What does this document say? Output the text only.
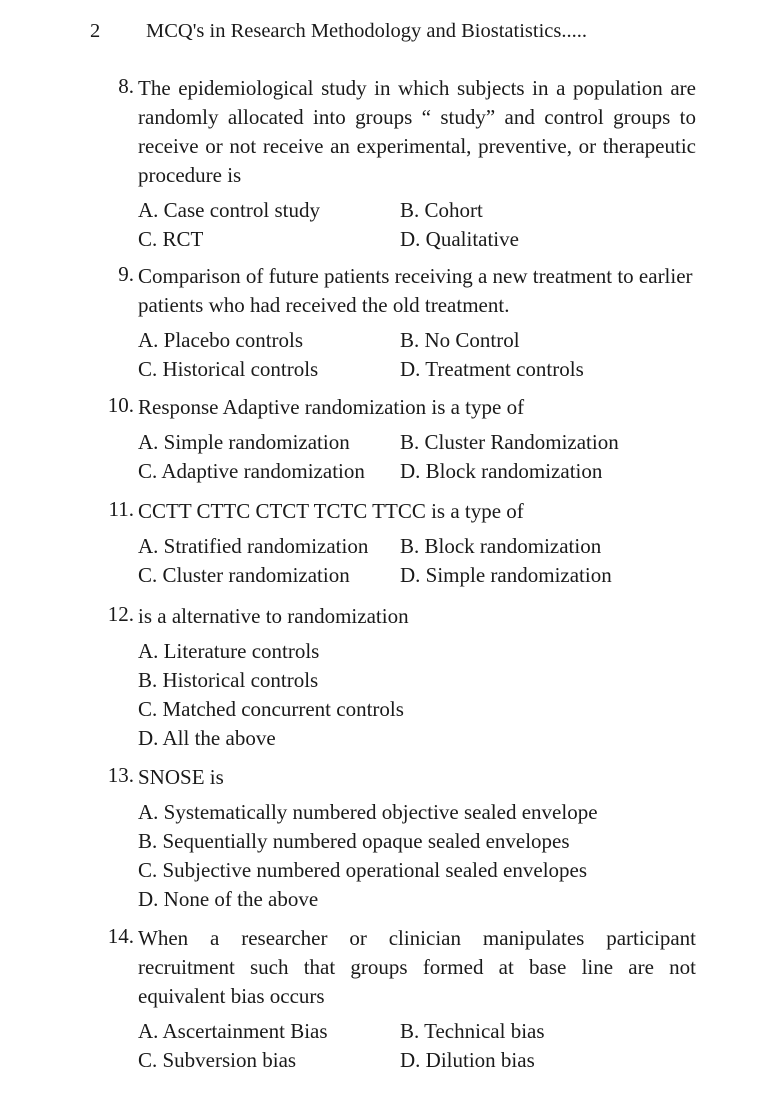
2 MCQ's in Research Methodology and Biostatistics.....
8. The epidemiological study in which subjects in a population are randomly allocated into groups “ study” and control groups to receive or not receive an experimental, preventive, or therapeutic procedure is
A. Case control study	B. Cohort
C. RCT	D. Qualitative
9. Comparison of future patients receiving a new treatment to earlier patients who had received the old treatment.
A. Placebo controls	B. No Control
C. Historical controls	D. Treatment controls
10. Response Adaptive randomization is a type of
A. Simple randomization	B. Cluster Randomization
C. Adaptive randomization	D. Block randomization
11. CCTT CTTC CTCT TCTC TTCC is a type of
A. Stratified randomization	B. Block randomization
C. Cluster randomization	D. Simple randomization
12. is a alternative to randomization
A. Literature controls
B. Historical controls
C. Matched concurrent controls
D. All the above
13. SNOSE is
A. Systematically numbered objective sealed envelope
B. Sequentially numbered opaque sealed envelopes
C. Subjective numbered operational sealed envelopes
D. None of the above
14. When a researcher or clinician manipulates participant recruitment such that groups formed at base line are not equivalent bias occurs
A. Ascertainment Bias	B. Technical bias
C. Subversion bias	D. Dilution bias
